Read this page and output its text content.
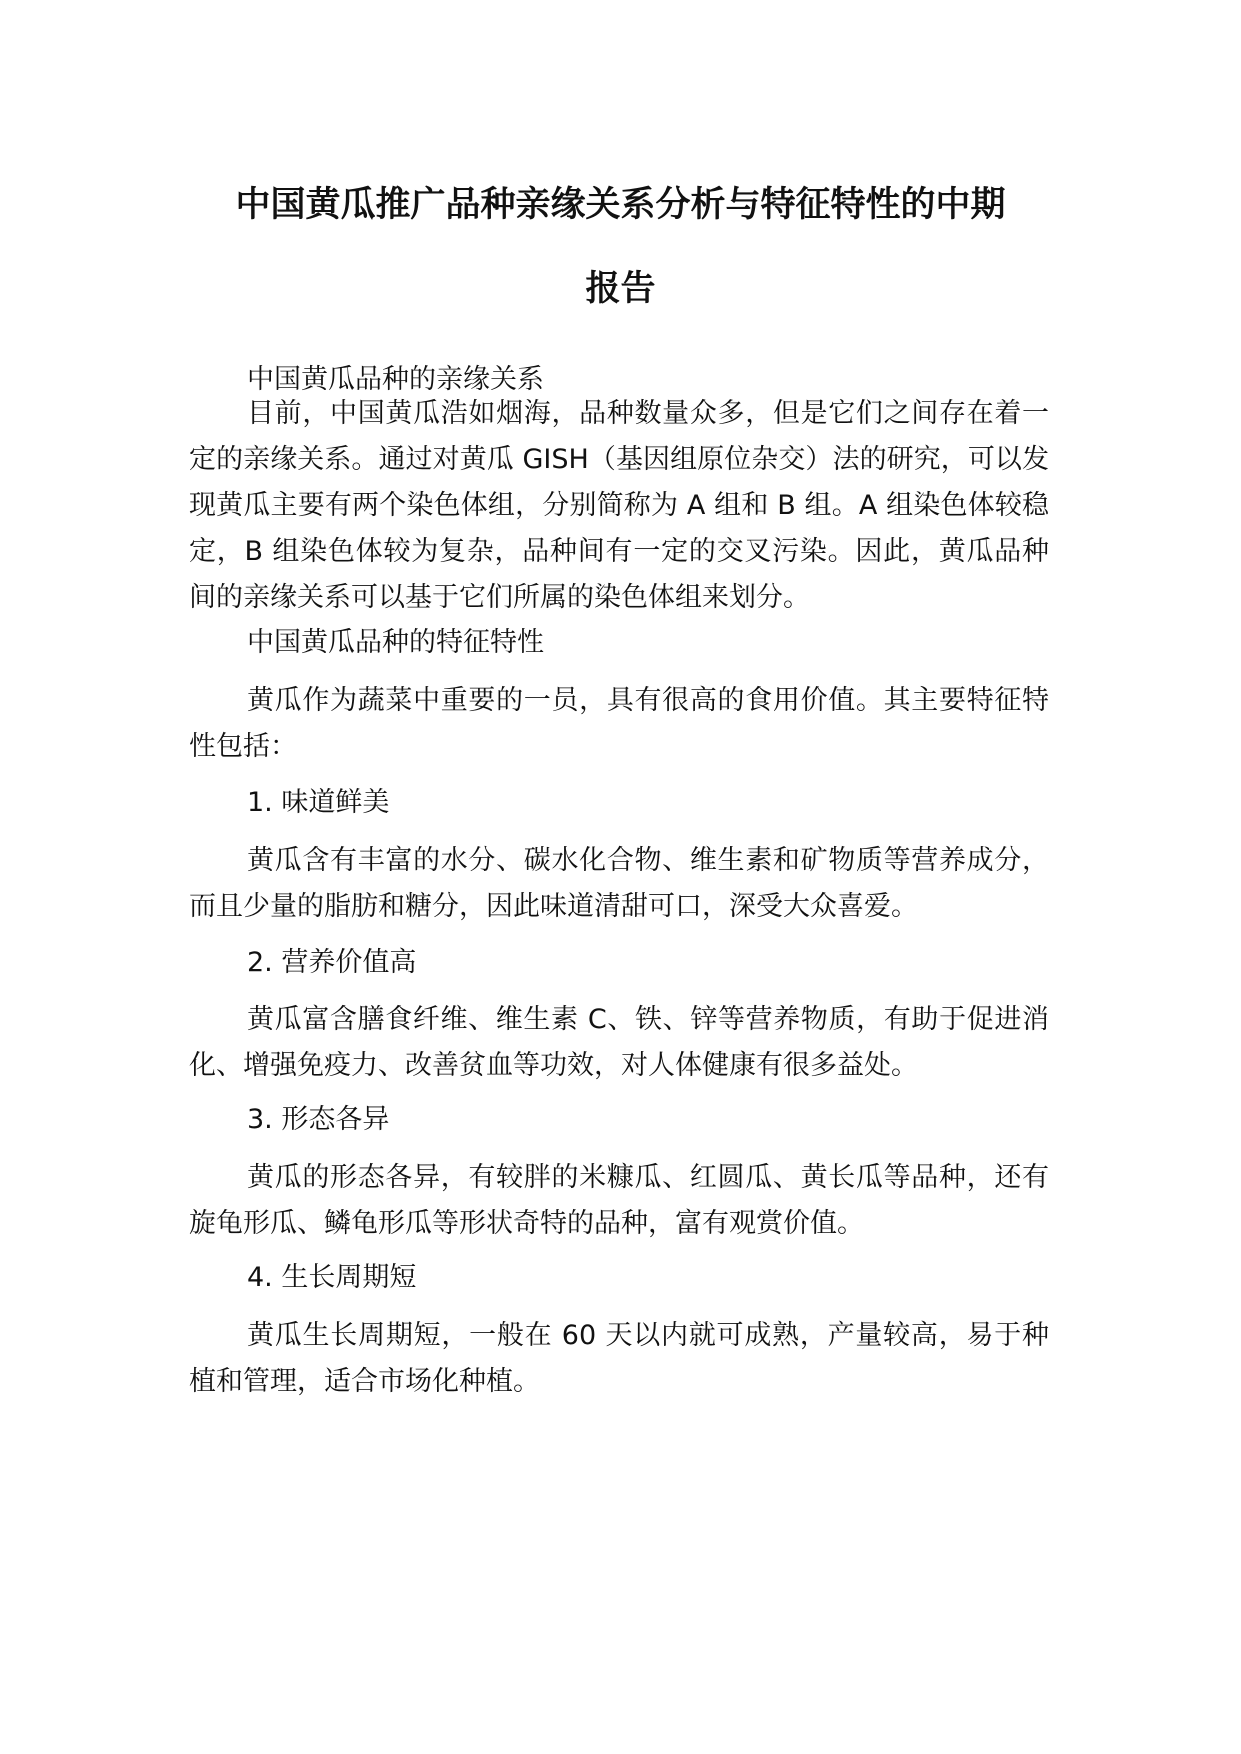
中国黄瓜推广品种亲缘关系分析与特征特性的中期
报告

中国黄瓜品种的亲缘关系

目前，中国黄瓜浩如烟海，品种数量众多，但是它们之间存在着一定的亲缘关系。通过对黄瓜 GISH（基因组原位杂交）法的研究，可以发现黄瓜主要有两个染色体组，分别简称为 A 组和 B 组。A 组染色体较稳定，B 组染色体较为复杂，品种间有一定的交叉污染。因此，黄瓜品种间的亲缘关系可以基于它们所属的染色体组来划分。

中国黄瓜品种的特征特性

黄瓜作为蔬菜中重要的一员，具有很高的食用价值。其主要特征特性包括：

1. 味道鲜美

黄瓜含有丰富的水分、碳水化合物、维生素和矿物质等营养成分，而且少量的脂肪和糖分，因此味道清甜可口，深受大众喜爱。

2. 营养价值高

黄瓜富含膳食纤维、维生素 C、铁、锌等营养物质，有助于促进消化、增强免疫力、改善贫血等功效，对人体健康有很多益处。

3. 形态各异

黄瓜的形态各异，有较胖的米糠瓜、红圆瓜、黄长瓜等品种，还有旋龟形瓜、鳞龟形瓜等形状奇特的品种，富有观赏价值。

4. 生长周期短

黄瓜生长周期短，一般在 60 天以内就可成熟，产量较高，易于种植和管理，适合市场化种植。
